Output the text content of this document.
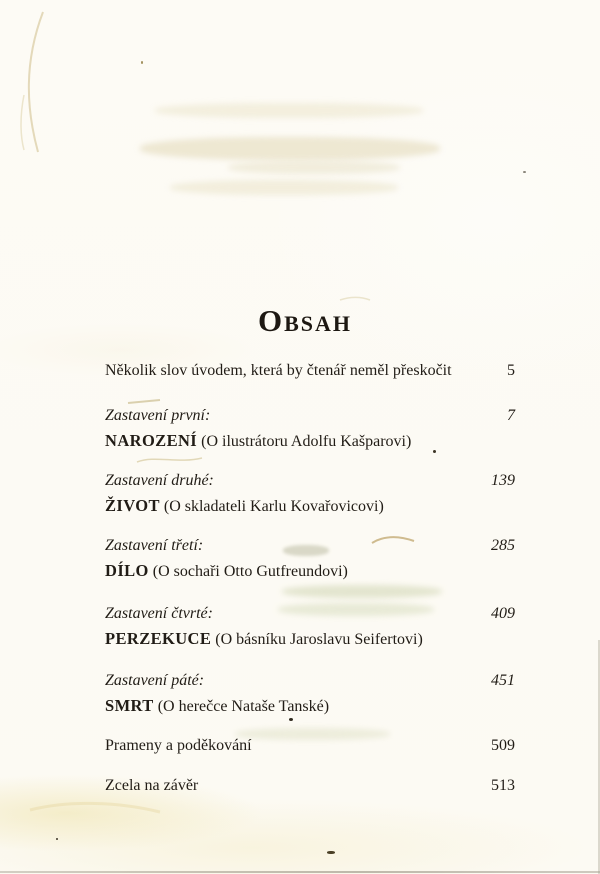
Obsah
Několik slov úvodem, která by čtenář neměl přeskočit	5
Zastavení první:	7
NAROZENÍ (O ilustrátoru Adolfu Kašparovi)
Zastavení druhé:	139
ŽIVOT (O skladateli Karlu Kovařovicovi)
Zastavení třetí:	285
DÍLO (O sochaři Otto Gutfreundovi)
Zastavení čtvrté:	409
PERZEKUCE (O básníku Jaroslavu Seifertovi)
Zastavení páté:	451
SMRT (O herečce Nataše Tanské)
Prameny a poděkování	509
Zcela na závěr	513
